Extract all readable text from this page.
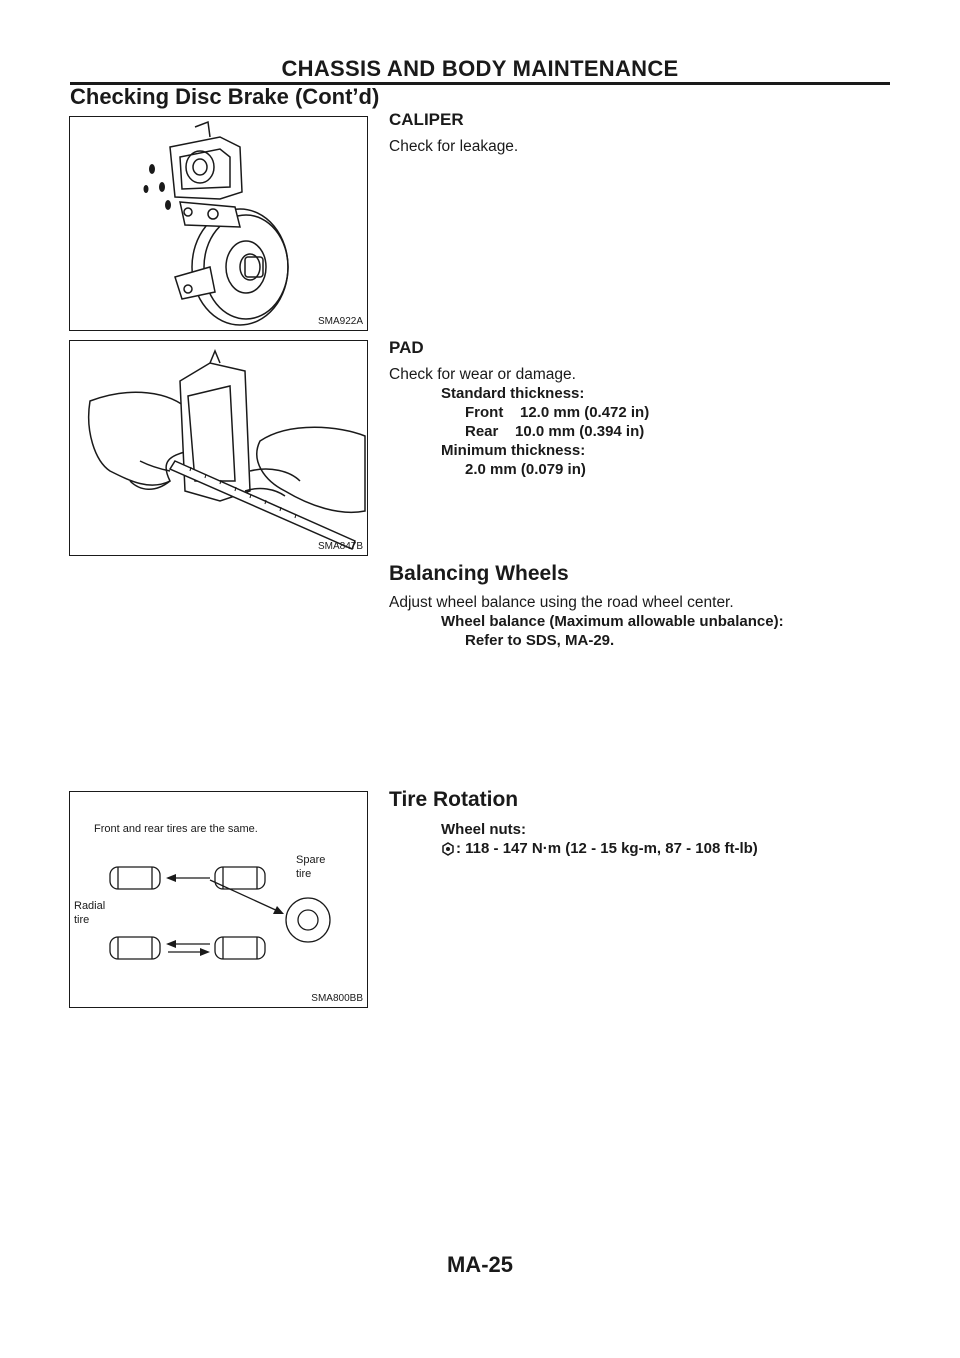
CHASSIS AND BODY MAINTENANCE
Checking Disc Brake (Cont’d)
SMA922A
CALIPER
Check for leakage.
SMA847B
PAD
Check for wear or damage.
Standard thickness:
Front    12.0 mm (0.472 in)
Rear    10.0 mm (0.394 in)
Minimum thickness:
2.0 mm (0.079 in)
Balancing Wheels
Adjust wheel balance using the road wheel center.
Wheel balance (Maximum allowable unbalance):
Refer to SDS, MA-29.
Front and rear tires are the same.
Spare
tire
Radial
tire
SMA800BB
Tire Rotation
Wheel nuts:
: 118 - 147 N·m (12 - 15 kg-m, 87 - 108 ft-lb)
MA-25
